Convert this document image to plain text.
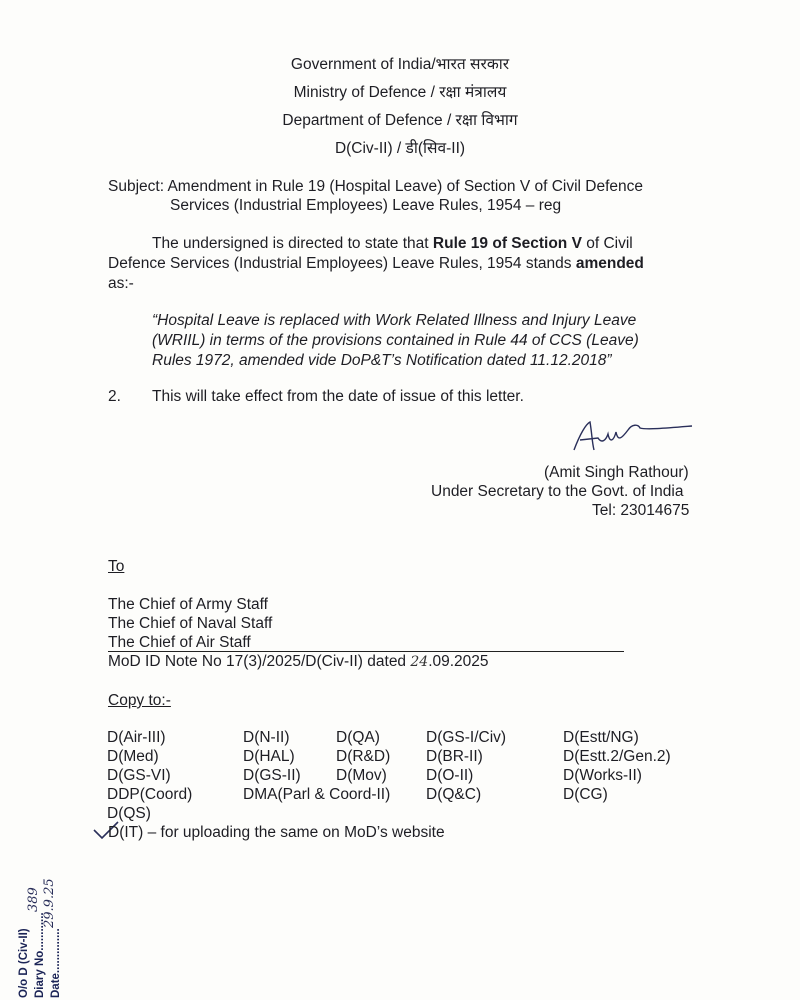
Government of India/भारत सरकार
Ministry of Defence / रक्षा मंत्रालय
Department of Defence / रक्षा विभाग
D(Civ-II) / डी(सिव-II)
Subject: Amendment in Rule 19 (Hospital Leave) of Section V of Civil Defence
Services (Industrial Employees) Leave Rules, 1954 – reg
The undersigned is directed to state that Rule 19 of Section V of Civil
Defence Services (Industrial Employees) Leave Rules, 1954 stands amended
as:-
“Hospital Leave is replaced with Work Related Illness and Injury Leave
(WRIIL) in terms of the provisions contained in Rule 44 of CCS (Leave)
Rules 1972, amended vide DoP&T’s Notification dated 11.12.2018”
2. This will take effect from the date of issue of this letter.
(Amit Singh Rathour)
Under Secretary to the Govt. of India
Tel: 23014675
To
The Chief of Army Staff
The Chief of Naval Staff
The Chief of Air Staff
MoD ID Note No 17(3)/2025/D(Civ-II) dated 24.09.2025
Copy to:-
D(Air-III)
D(Med)
D(GS-VI)
DDP(Coord)
D(QS)
D(N-II)
D(HAL)
D(GS-II)
DMA(Parl & Coord-II)
D(QA)
D(R&D)
D(Mov)
D(GS-I/Civ)
D(BR-II)
D(O-II)
D(Q&C)
D(Estt/NG)
D(Estt.2/Gen.2)
D(Works-II)
D(CG)
D(IT) – for uploading the same on MoD’s website
O/o D (Civ-II) Diary No............
389
Date..............
29.9.25
